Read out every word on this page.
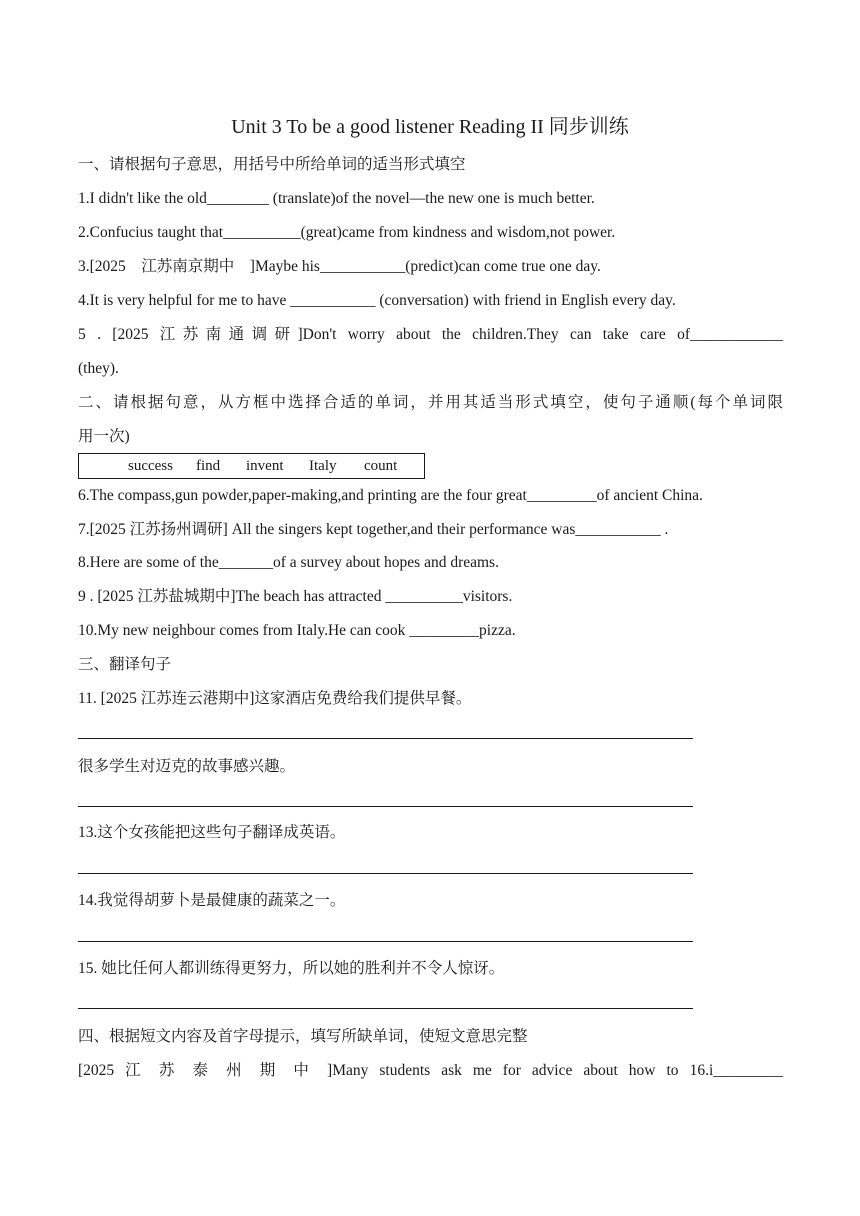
Unit 3 To be a good listener Reading II 同步训练
一、请根据句子意思，用括号中所给单词的适当形式填空
1.I didn't like the old________ (translate)of the novel—the new one is much better.
2.Confucius taught that__________(great)came from kindness and wisdom,not power.
3.[2025　江苏南京期中　]Maybe his___________(predict)can come true one day.
4.It is very helpful for me to have ___________ (conversation) with friend in English every day.
5 . [2025 江苏南通调研]Don't worry about the children.They can take care of____________
(they).
二、请根据句意，从方框中选择合适的单词，并用其适当形式填空，使句子通顺(每个单词限
用一次)
success find invent Italy count
6.The compass,gun powder,paper-making,and printing are the four great_________of ancient China.
7.[2025 江苏扬州调研] All the singers kept together,and their performance was___________ .
8.Here are some of the_______of a survey about hopes and dreams.
9 . [2025 江苏盐城期中]The beach has attracted __________visitors.
10.My new neighbour comes from Italy.He can cook _________pizza.
三、翻译句子
11. [2025 江苏连云港期中]这家酒店免费给我们提供早餐。
很多学生对迈克的故事感兴趣。
13.这个女孩能把这些句子翻译成英语。
14.我觉得胡萝卜是最健康的蔬菜之一。
15. 她比任何人都训练得更努力，所以她的胜利并不令人惊讶。
四、根据短文内容及首字母提示，填写所缺单词，使短文意思完整
[2025 江 苏 泰 州 期 中 ]Many students ask me for advice about how to 16.i_________
